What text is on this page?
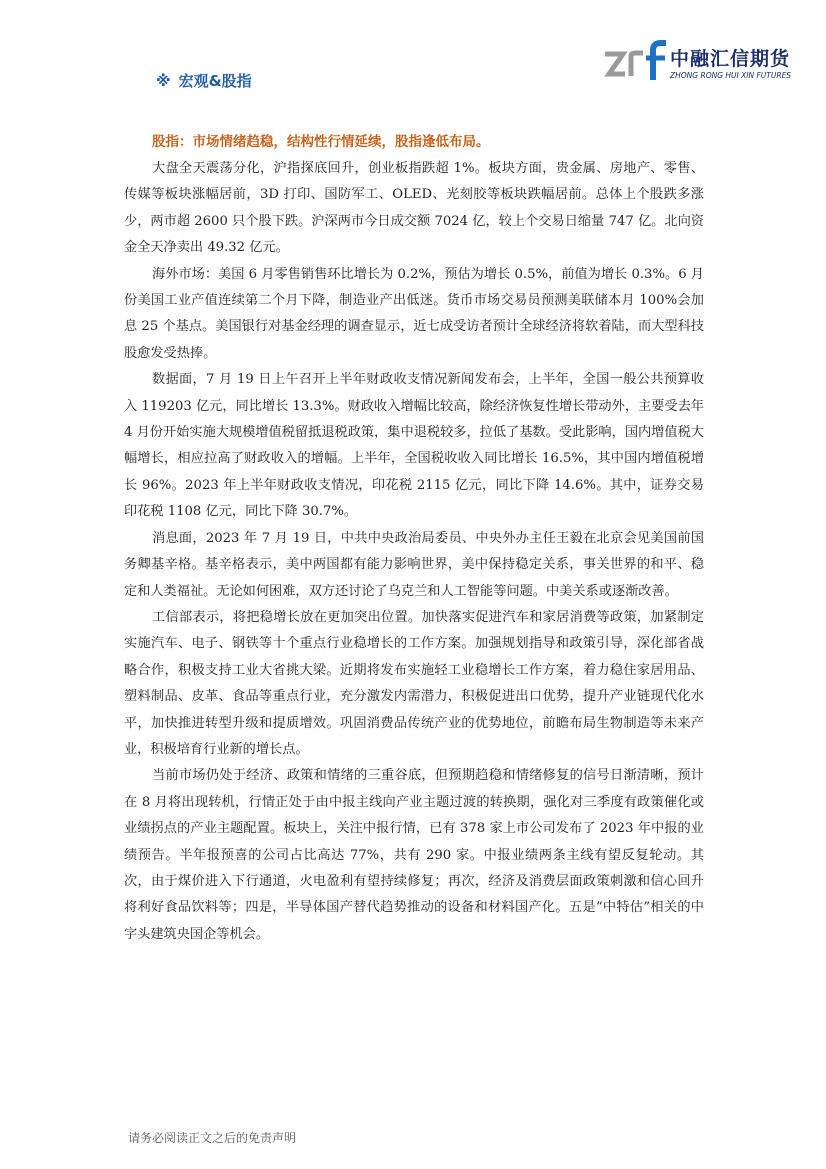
中融汇信期货
ZHONG RONG HUI XIN FUTURES
※ 宏观&股指

股指：市场情绪趋稳，结构性行情延续，股指逢低布局。

大盘全天震荡分化，沪指探底回升，创业板指跌超 1%。板块方面，贵金属、房地产、零售、传媒等板块涨幅居前，3D 打印、国防军工、OLED、光刻胶等板块跌幅居前。总体上个股跌多涨少，两市超 2600 只个股下跌。沪深两市今日成交额 7024 亿，较上个交易日缩量 747 亿。北向资金全天净卖出 49.32 亿元。

海外市场：美国 6 月零售销售环比增长为 0.2%，预估为增长 0.5%，前值为增长 0.3%。6 月份美国工业产值连续第二个月下降，制造业产出低迷。货币市场交易员预测美联储本月 100%会加息 25 个基点。美国银行对基金经理的调查显示，近七成受访者预计全球经济将软着陆，而大型科技股愈发受热捧。

数据面，7 月 19 日上午召开上半年财政收支情况新闻发布会，上半年，全国一般公共预算收入 119203 亿元，同比增长 13.3%。财政收入增幅比较高，除经济恢复性增长带动外，主要受去年 4 月份开始实施大规模增值税留抵退税政策，集中退税较多，拉低了基数。受此影响，国内增值税大幅增长，相应拉高了财政收入的增幅。上半年，全国税收收入同比增长 16.5%，其中国内增值税增长 96%。2023 年上半年财政收支情况，印花税 2115 亿元，同比下降 14.6%。其中，证券交易印花税 1108 亿元，同比下降 30.7%。

消息面，2023 年 7 月 19 日，中共中央政治局委员、中央外办主任王毅在北京会见美国前国务卿基辛格。基辛格表示，美中两国都有能力影响世界，美中保持稳定关系，事关世界的和平、稳定和人类福祉。无论如何困难，双方还讨论了乌克兰和人工智能等问题。中美关系或逐渐改善。

工信部表示，将把稳增长放在更加突出位置。加快落实促进汽车和家居消费等政策，加紧制定实施汽车、电子、钢铁等十个重点行业稳增长的工作方案。加强规划指导和政策引导，深化部省战略合作，积极支持工业大省挑大梁。近期将发布实施轻工业稳增长工作方案，着力稳住家居用品、塑料制品、皮革、食品等重点行业，充分激发内需潜力，积极促进出口优势，提升产业链现代化水平，加快推进转型升级和提质增效。巩固消费品传统产业的优势地位，前瞻布局生物制造等未来产业，积极培育行业新的增长点。

当前市场仍处于经济、政策和情绪的三重谷底，但预期趋稳和情绪修复的信号日渐清晰，预计在 8 月将出现转机，行情正处于由中报主线向产业主题过渡的转换期，强化对三季度有政策催化或业绩拐点的产业主题配置。板块上，关注中报行情，已有 378 家上市公司发布了 2023 年中报的业绩预告。半年报预喜的公司占比高达 77%，共有 290 家。中报业绩两条主线有望反复轮动。其次，由于煤价进入下行通道，火电盈利有望持续修复；再次，经济及消费层面政策刺激和信心回升将利好食品饮料等；四是，半导体国产替代趋势推动的设备和材料国产化。五是“中特估”相关的中字头建筑央国企等机会。

请务必阅读正文之后的免责声明
